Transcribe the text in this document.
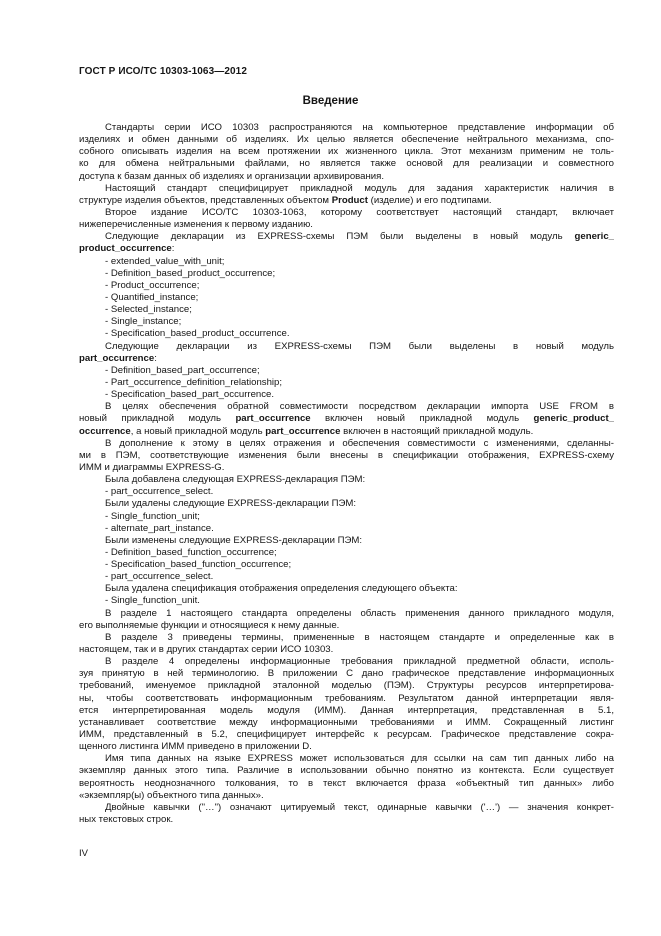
ГОСТ Р ИСО/ТС 10303-1063—2012
Введение

Стандарты серии ИСО 10303 распространяются на компьютерное представление информации об

изделиях и обмен данными об изделиях. Их целью является обеспечение нейтрального механизма, спо-

собного описывать изделия на всем протяжении их жизненного цикла. Этот механизм применим не толь-

ко для обмена нейтральными файлами, но является также основой для реализации и совместного

доступа к базам данных об изделиях и организации архивирования.

Настоящий стандарт специфицирует прикладной модуль для задания характеристик наличия в

структуре изделия объектов, представленных объектом Product (изделие) и его подтипами.

Второе издание ИСО/ТС 10303-1063, которому соответствует настоящий стандарт, включает

нижеперечисленные изменения к первому изданию.

Следующие декларации из EXPRESS-схемы ПЭМ были выделены в новый модуль generic_

product_occurrence:

- extended_value_with_unit;

- Definition_based_product_occurrence;

- Product_occurrence;

- Quantified_instance;

- Selected_instance;

- Single_instance;

- Specification_based_product_occurrence.

Следующие декларации из EXPRESS-схемы ПЭМ были выделены в новый модуль

part_occurrence:

- Definition_based_part_occurrence;

- Part_occurrence_definition_relationship;

- Specification_based_part_occurrence.

В целях обеспечения обратной совместимости посредством декларации импорта USE FROM в

новый прикладной модуль part_occurrence включен новый прикладной модуль generic_product_

occurrence, а новый прикладной модуль part_occurrence включен в настоящий прикладной модуль.

В дополнение к этому в целях отражения и обеспечения совместимости с изменениями, сделанны-

ми в ПЭМ, соответствующие изменения были внесены в спецификации отображения, EXPRESS-схему

ИММ и диаграммы EXPRESS-G.

Была добавлена следующая EXPRESS-декларация ПЭМ:

- part_occurrence_select.

Были удалены следующие EXPRESS-декларации ПЭМ:

- Single_function_unit;

- alternate_part_instance.

Были изменены следующие EXPRESS-декларации ПЭМ:

- Definition_based_function_occurrence;

- Specification_based_function_occurrence;

- part_occurrence_select.

Была удалена спецификация отображения определения следующего объекта:

- Single_function_unit.

В разделе 1 настоящего стандарта определены область применения данного прикладного модуля,

его выполняемые функции и относящиеся к нему данные.

В разделе 3 приведены термины, примененные в настоящем стандарте и определенные как в

настоящем, так и в других стандартах серии ИСО 10303.

В разделе 4 определены информационные требования прикладной предметной области, исполь-

зуя принятую в ней терминологию. В приложении С дано графическое представление информационных

требований, именуемое прикладной эталонной моделью (ПЭМ). Структуры ресурсов интерпретирова-

ны, чтобы соответствовать информационным требованиям. Результатом данной интерпретации явля-

ется интерпретированная модель модуля (ИММ). Данная интерпретация, представленная в 5.1,

устанавливает соответствие между информационными требованиями и ИММ. Сокращенный листинг

ИММ, представленный в 5.2, специфицирует интерфейс к ресурсам. Графическое представление сокра-

щенного листинга ИММ приведено в приложении D.

Имя типа данных на языке EXPRESS может использоваться для ссылки на сам тип данных либо на

экземпляр данных этого типа. Различие в использовании обычно понятно из контекста. Если существует

вероятность неоднозначного толкования, то в текст включается фраза «объектный тип данных» либо

«экземпляр(ы) объектного типа данных».

Двойные кавычки ("…") означают цитируемый текст, одинарные кавычки ('…') — значения конкрет-

ных текстовых строк.

IV
